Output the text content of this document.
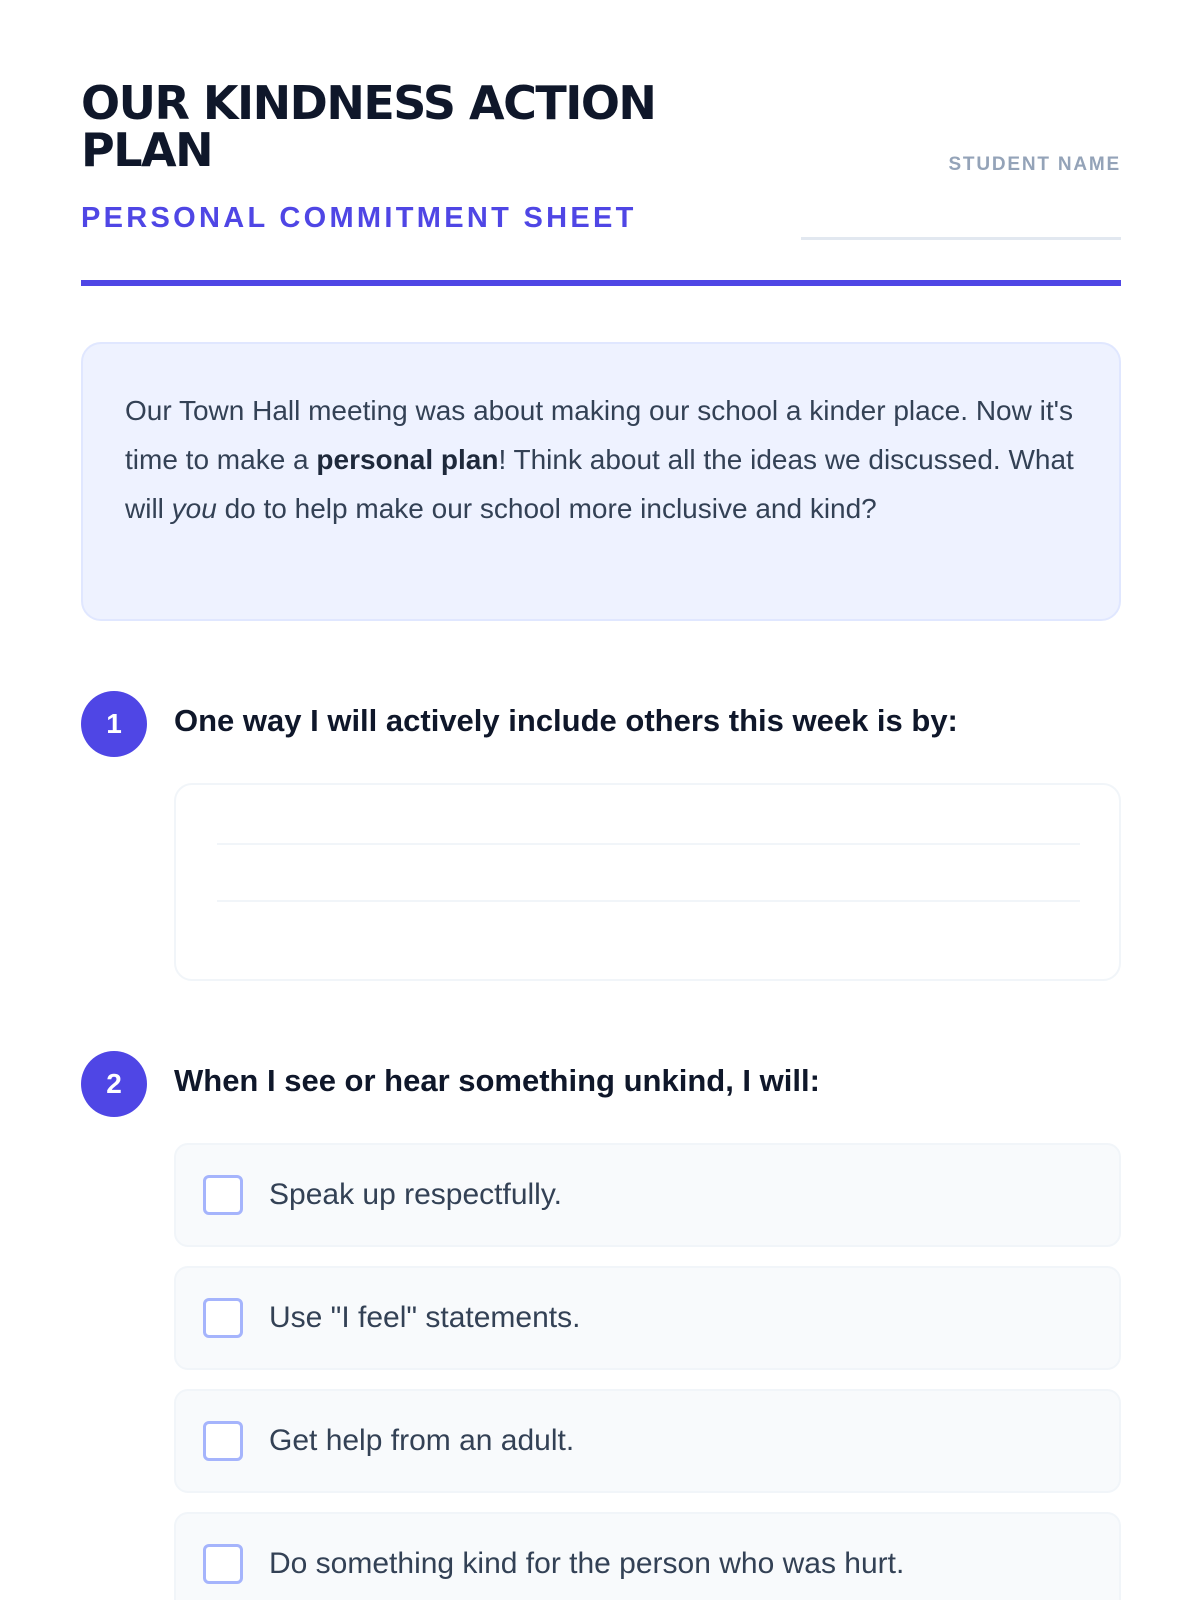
OUR KINDNESS ACTION PLAN
PERSONAL COMMITMENT SHEET
STUDENT NAME
Our Town Hall meeting was about making our school a kinder place. Now it's time to make a personal plan! Think about all the ideas we discussed. What will you do to help make our school more inclusive and kind?
1	One way I will actively include others this week is by:
2	When I see or hear something unkind, I will:
Speak up respectfully.
Use "I feel" statements.
Get help from an adult.
Do something kind for the person who was hurt.
